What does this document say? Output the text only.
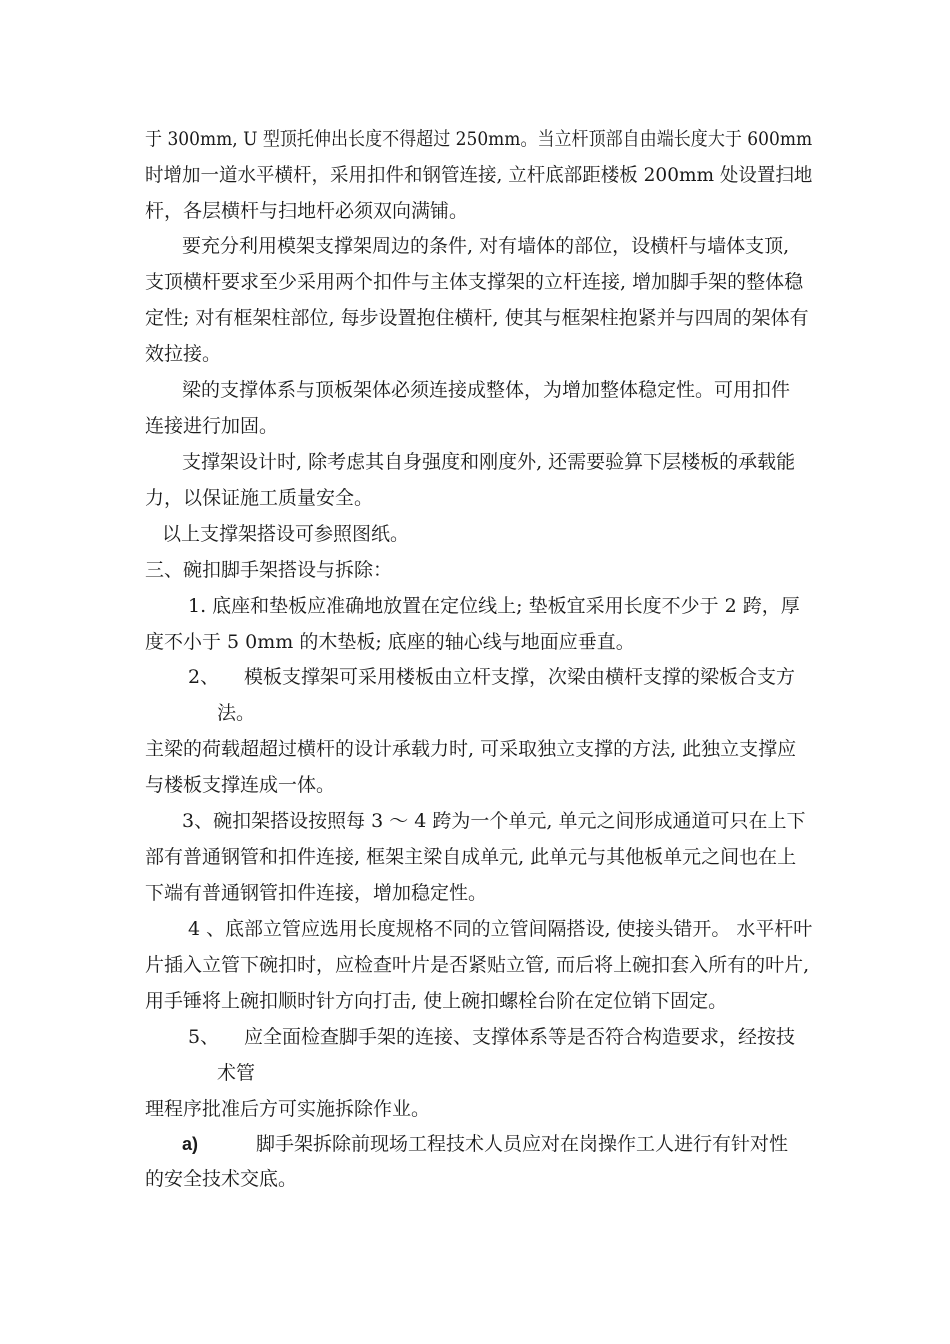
于 300mm, U 型顶托伸出长度不得超过 250mm。当立杆顶部自由端长度大于 600mm
时增加一道水平横杆，采用扣件和钢管连接, 立杆底部距楼板 200mm 处设置扫地
杆，各层横杆与扫地杆必须双向满铺。
要充分利用模架支撑架周边的条件, 对有墙体的部位，设横杆与墙体支顶,
支顶横杆要求至少采用两个扣件与主体支撑架的立杆连接, 增加脚手架的整体稳
定性; 对有框架柱部位, 每步设置抱住横杆, 使其与框架柱抱紧并与四周的架体有
效拉接。
梁的支撑体系与顶板架体必须连接成整体，为增加整体稳定性。可用扣件
连接进行加固。
支撑架设计时, 除考虑其自身强度和刚度外, 还需要验算下层楼板的承载能
力，以保证施工质量安全。
以上支撑架搭设可参照图纸。
三、碗扣脚手架搭设与拆除：
1. 底座和垫板应准确地放置在定位线上; 垫板宜采用长度不少于 2 跨，厚
度不小于 5 0mm 的木垫板; 底座的轴心线与地面应垂直。
2、 模板支撑架可采用楼板由立杆支撑，次梁由横杆支撑的梁板合支方
法。
主梁的荷载超超过横杆的设计承载力时, 可采取独立支撑的方法, 此独立支撑应
与楼板支撑连成一体。
3、碗扣架搭设按照每 3 ～ 4 跨为一个单元, 单元之间形成通道可只在上下
部有普通钢管和扣件连接, 框架主梁自成单元, 此单元与其他板单元之间也在上
下端有普通钢管扣件连接，增加稳定性。
4 、底部立管应选用长度规格不同的立管间隔搭设, 使接头错开。 水平杆叶
片插入立管下碗扣时，应检查叶片是否紧贴立管, 而后将上碗扣套入所有的叶片,
用手锤将上碗扣顺时针方向打击, 使上碗扣螺栓台阶在定位销下固定。
5、 应全面检查脚手架的连接、支撑体系等是否符合构造要求，经按技
术管
理程序批准后方可实施拆除作业。
a)	脚手架拆除前现场工程技术人员应对在岗操作工人进行有针对性
的安全技术交底。
